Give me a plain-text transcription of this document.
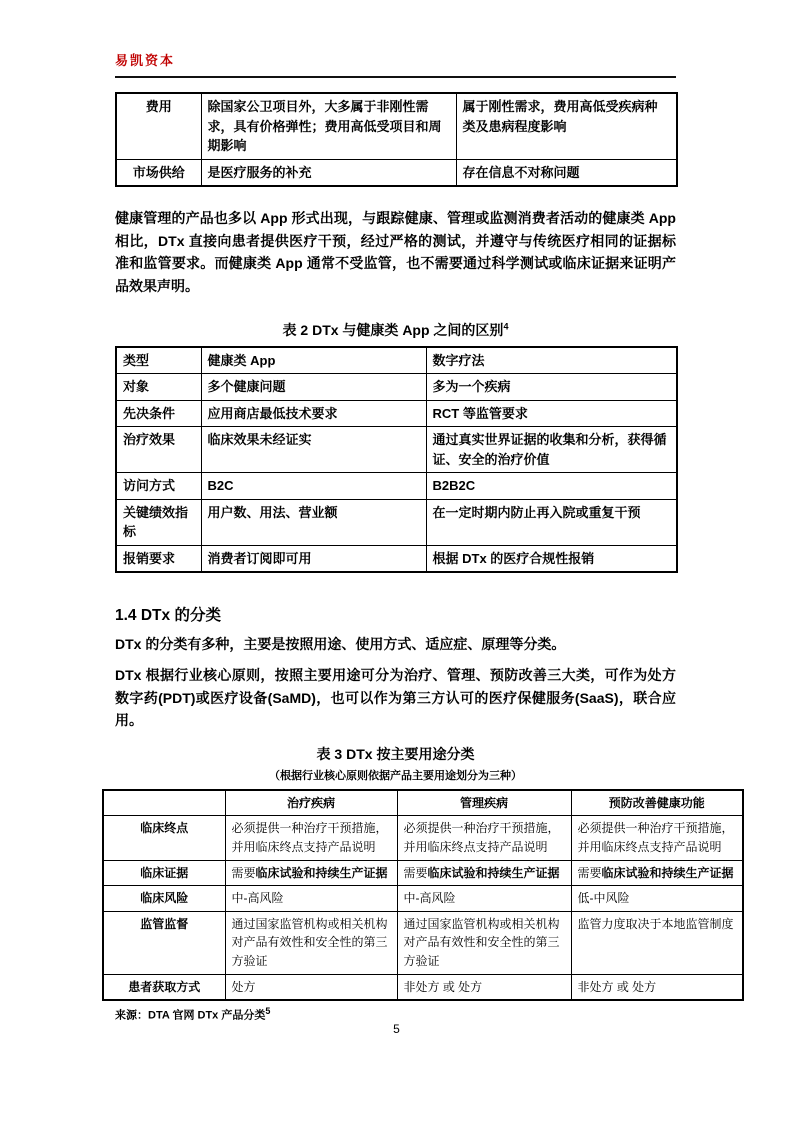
易凯资本
费用	除国家公卫项目外，大多属于非刚性需求，具有价格弹性；费用高低受项目和周期影响	属于刚性需求，费用高低受疾病种类及患病程度影响
市场供给	是医疗服务的补充	存在信息不对称问题

健康管理的产品也多以 App 形式出现，与跟踪健康、管理或监测消费者活动的健康类 App 相比，DTx 直接向患者提供医疗干预，经过严格的测试，并遵守与传统医疗相同的证据标准和监管要求。而健康类 App 通常不受监管，也不需要通过科学测试或临床证据来证明产品效果声明。

表 2 DTx 与健康类 App 之间的区别$^4$
类型	健康类 App	数字疗法
对象	多个健康问题	多为一个疾病
先决条件	应用商店最低技术要求	RCT 等监管要求
治疗效果	临床效果未经证实	通过真实世界证据的收集和分析，获得循证、安全的治疗价值
访问方式	B2C	B2B2C
关键绩效指标	用户数、用法、营业额	在一定时期内防止再入院或重复干预
报销要求	消费者订阅即可用	根据 DTx 的医疗合规性报销
1.4 DTx 的分类

DTx 的分类有多种，主要是按照用途、使用方式、适应症、原理等分类。

DTx 根据行业核心原则，按照主要用途可分为治疗、管理、预防改善三大类，可作为处方数字药(PDT)或医疗设备(SaMD)，也可以作为第三方认可的医疗保健服务(SaaS)，联合应用。

表 3 DTx 按主要用途分类
（根据行业核心原则依据产品主要用途划分为三种）
	治疗疾病	管理疾病	预防改善健康功能
临床终点	必须提供一种治疗干预措施，并用临床终点支持产品说明	必须提供一种治疗干预措施，并用临床终点支持产品说明	必须提供一种治疗干预措施，并用临床终点支持产品说明
临床证据	需要临床试验和持续生产证据	需要临床试验和持续生产证据	需要临床试验和持续生产证据
临床风险	中-高风险	中-高风险	低-中风险
监管监督	通过国家监管机构或相关机构对产品有效性和安全性的第三方验证	通过国家监管机构或相关机构对产品有效性和安全性的第三方验证	监管力度取决于本地监管制度
患者获取方式	处方	非处方 或 处方	非处方 或 处方
来源：DTA 官网 DTx 产品分类$^5$
5
